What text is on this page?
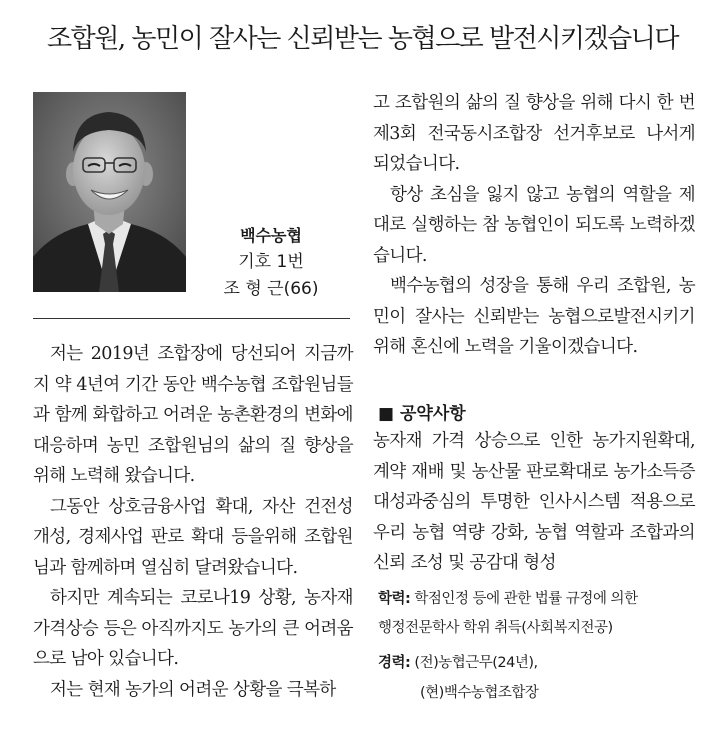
조합원, 농민이 잘사는 신뢰받는 농협으로 발전시키겠습니다
백수농협
기호 1번
조 형 근(66)

저는 2019년 조합장에 당선되어 지금까지 약 4년여 기간 동안 백수농협 조합원님들과 함께 화합하고 어려운 농촌환경의 변화에 대응하며 농민 조합원님의 삶의 질 향상을 위해 노력해 왔습니다.

그동안 상호금융사업 확대, 자산 건전성 개성, 경제사업 판로 확대 등을위해 조합원님과 함께하며 열심히 달려왔습니다.

하지만 계속되는 코로나19 상황, 농자재 가격상승 등은 아직까지도 농가의 큰 어려움으로 남아 있습니다.

저는 현재 농가의 어려운 상황을 극복하

고 조합원의 삶의 질 향상을 위해 다시 한 번 제3회 전국동시조합장 선거후보로 나서게 되었습니다.

항상 초심을 잃지 않고 농협의 역할을 제대로 실행하는 참 농협인이 되도록 노력하겠습니다.

백수농협의 성장을 통해 우리 조합원, 농민이 잘사는 신뢰받는 농협으로발전시키기 위해 혼신에 노력을 기울이겠습니다.

■ 공약사항
농자재 가격 상승으로 인한 농가지원확대, 계약 재배 및 농산물 판로확대로 농가소득증대성과중심의 투명한 인사시스템 적용으로 우리 농협 역량 강화, 농협 역할과 조합과의 신뢰 조성 및 공감대 형성
학력: 학점인정 등에 관한 법률 규정에 의한
행정전문학사 학위 취득(사회복지전공)
경력: (전)농협근무(24년),
(현)백수농협조합장
